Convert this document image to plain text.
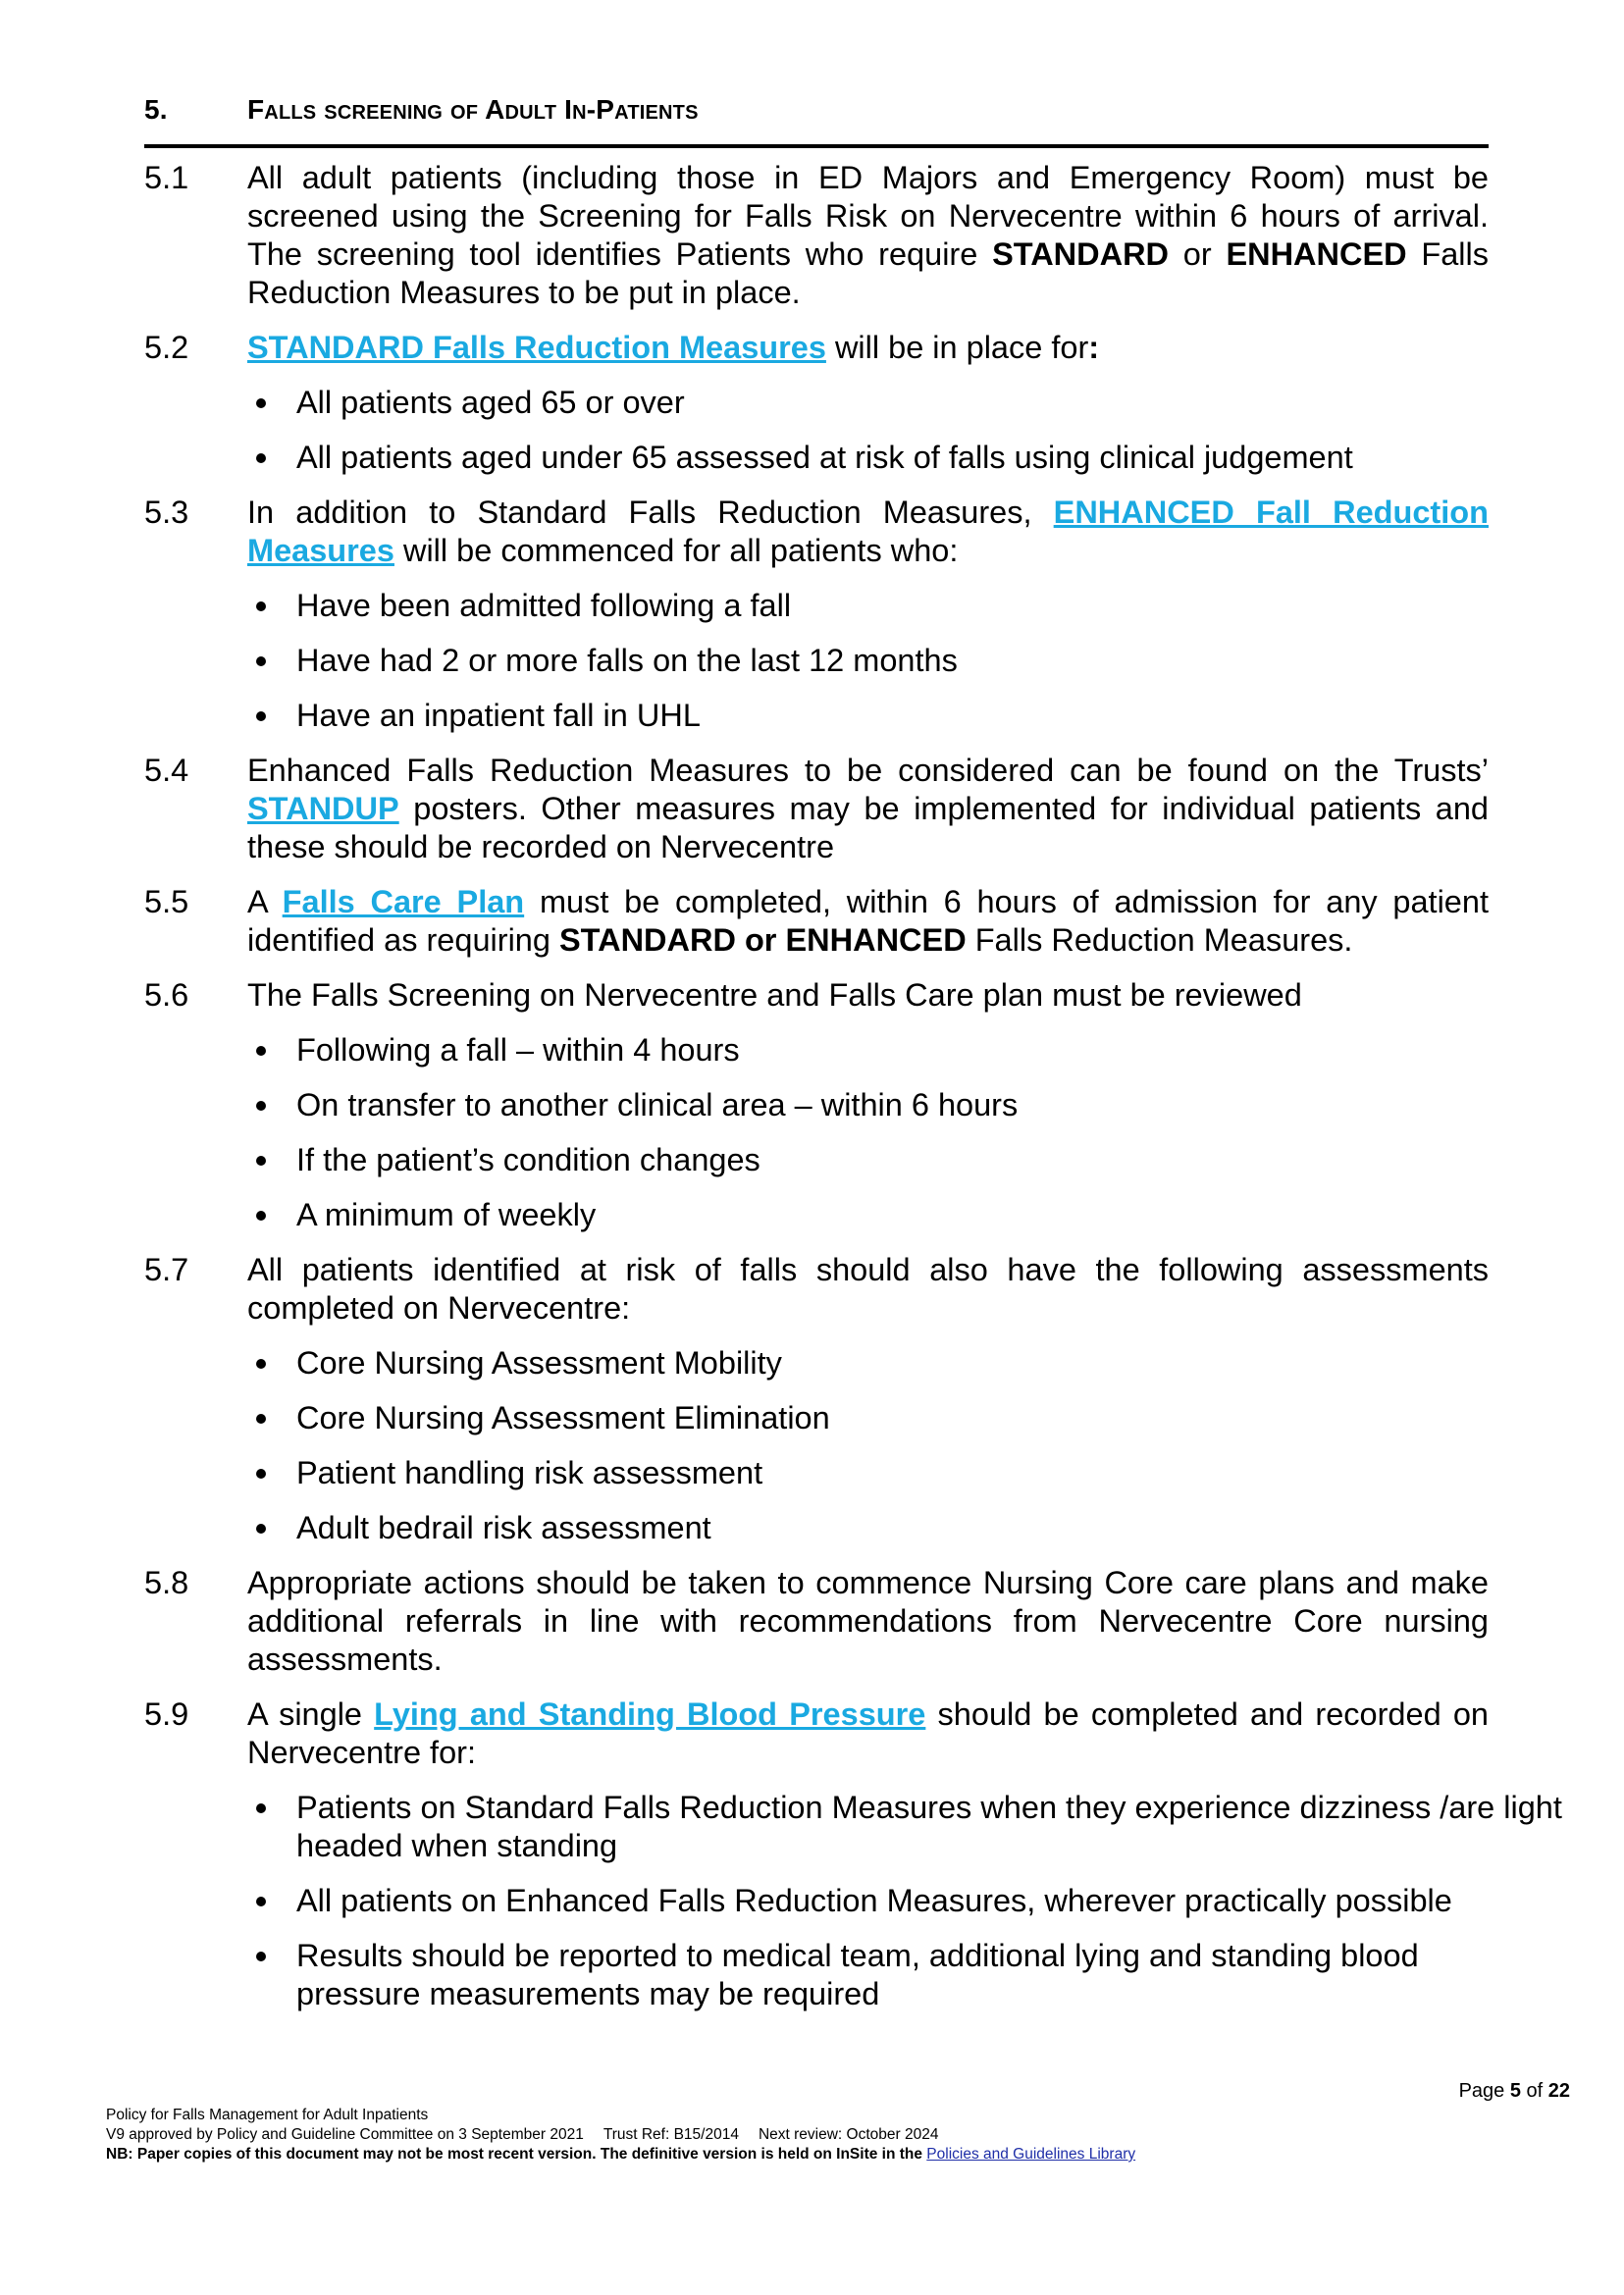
5.	Falls screening of Adult In-Patients
5.1	All adult patients (including those in ED Majors and Emergency Room) must be screened using the Screening for Falls Risk on Nervecentre within 6 hours of arrival. The screening tool identifies Patients who require STANDARD or ENHANCED Falls Reduction Measures to be put in place.
5.2	STANDARD Falls Reduction Measures will be in place for:
All patients aged 65 or over
All patients aged under 65 assessed at risk of falls using clinical judgement
5.3	In addition to Standard Falls Reduction Measures, ENHANCED Fall Reduction Measures will be commenced for all patients who:
Have been admitted following a fall
Have had 2 or more falls on the last 12 months
Have an inpatient fall in UHL
5.4	Enhanced Falls Reduction Measures to be considered can be found on the Trusts’ STANDUP posters. Other measures may be implemented for individual patients and these should be recorded on Nervecentre
5.5	A Falls Care Plan must be completed, within 6 hours of admission for any patient identified as requiring STANDARD or ENHANCED Falls Reduction Measures.
5.6	The Falls Screening on Nervecentre and Falls Care plan must be reviewed
Following a fall – within 4 hours
On transfer to another clinical area – within 6 hours
If the patient’s condition changes
A minimum of weekly
5.7	All patients identified at risk of falls should also have the following assessments completed on Nervecentre:
Core Nursing Assessment Mobility
Core Nursing Assessment Elimination
Patient handling risk assessment
Adult bedrail risk assessment
5.8	Appropriate actions should be taken to commence Nursing Core care plans and make additional referrals in line with recommendations from Nervecentre Core nursing assessments.
5.9	A single Lying and Standing Blood Pressure should be completed and recorded on Nervecentre for:
Patients on Standard Falls Reduction Measures when they experience dizziness /are light headed when standing
All patients on Enhanced Falls Reduction Measures, wherever practically possible
Results should be reported to medical team, additional lying and standing blood pressure measurements may be required
Page 5 of 22
Policy for Falls Management for Adult Inpatients
V9 approved by Policy and Guideline Committee on 3 September 2021 Trust Ref: B15/2014 Next review: October 2024
NB: Paper copies of this document may not be most recent version. The definitive version is held on InSite in the Policies and Guidelines Library
